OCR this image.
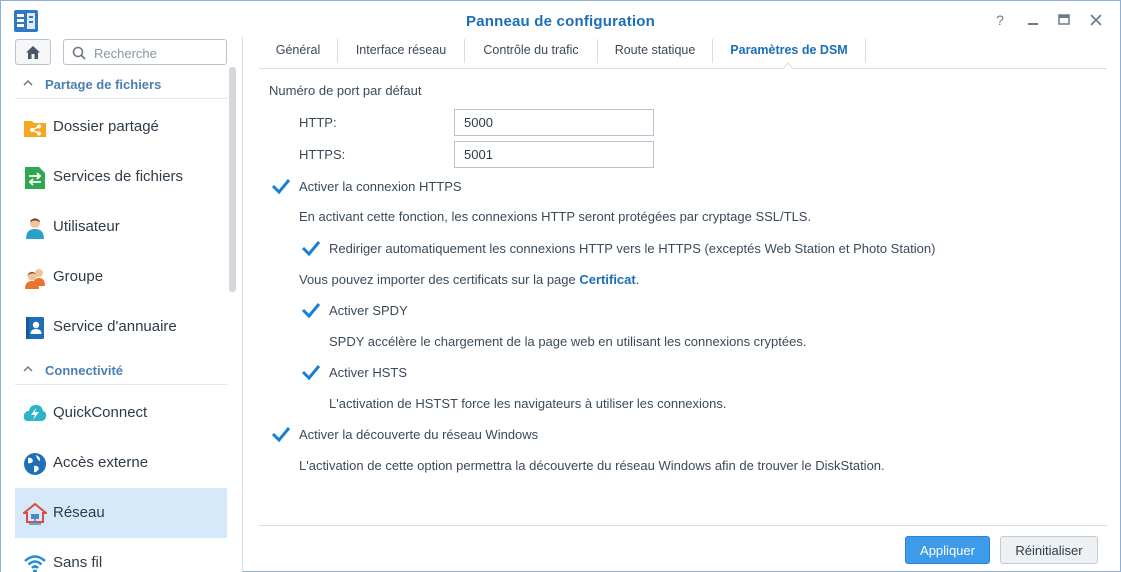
Panneau de configuration	?
Recherche
Partage de fichiers
Dossier partagé
Services de fichiers
Utilisateur
Groupe
Service d'annuaire
Connectivité
QuickConnect
Accès externe
Réseau
Sans fil
Général	Interface réseau	Contrôle du trafic	Route statique	Paramètres de DSM
Numéro de port par défaut
HTTP:
5000
HTTPS:
5001
Activer la connexion HTTPS
En activant cette fonction, les connexions HTTP seront protégées par cryptage SSL/TLS.
Rediriger automatiquement les connexions HTTP vers le HTTPS (exceptés Web Station et Photo Station)
Vous pouvez importer des certificats sur la page Certificat.
Activer SPDY
SPDY accélère le chargement de la page web en utilisant les connexions cryptées.
Activer HSTS
L'activation de HSTST force les navigateurs à utiliser les connexions.
Activer la découverte du réseau Windows
L'activation de cette option permettra la découverte du réseau Windows afin de trouver le DiskStation.
Appliquer	Réinitialiser
